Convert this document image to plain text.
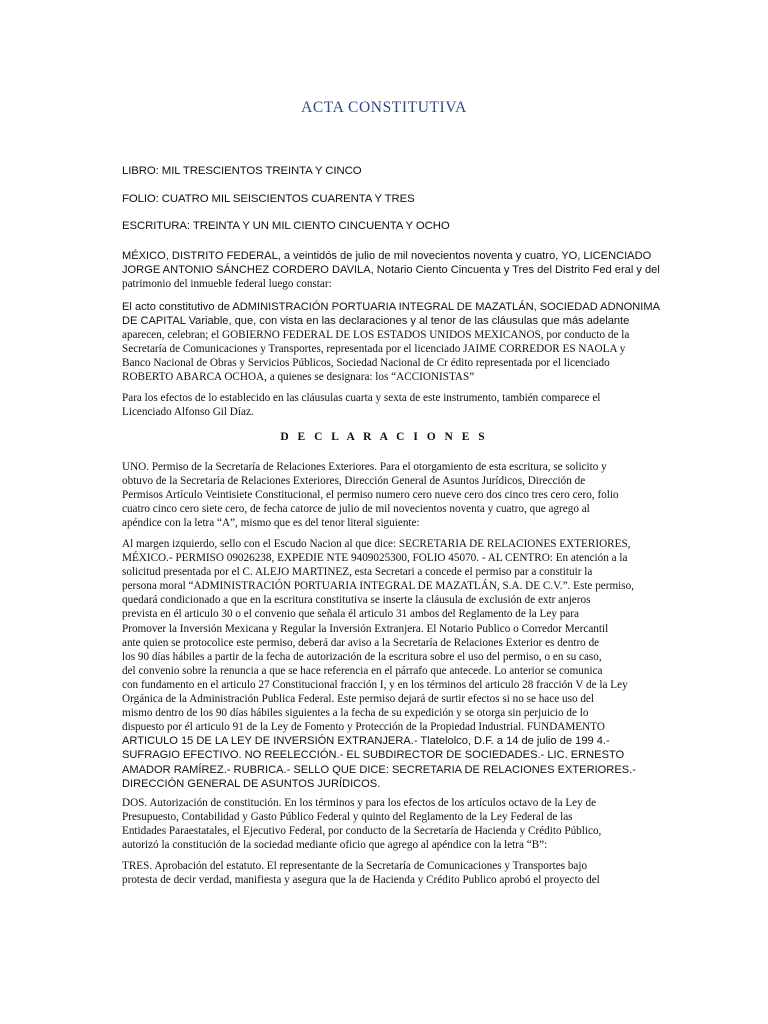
ACTA CONSTITUTIVA

LIBRO: MIL TRESCIENTOS TREINTA Y CINCO

FOLIO: CUATRO MIL SEISCIENTOS CUARENTA Y TRES

ESCRITURA: TREINTA Y UN MIL CIENTO CINCUENTA Y OCHO

MÉXICO, DISTRITO FEDERAL, a veintidós de julio de mil novecientos noventa y cuatro, YO, LICENCIADO
JORGE ANTONIO SÁNCHEZ CORDERO DAVILA, Notario Ciento Cincuenta y Tres del Distrito Fed eral y del
patrimonio del inmueble federal luego constar:

El acto constitutivo de ADMINISTRACIÓN PORTUARIA INTEGRAL DE MAZATLÁN, SOCIEDAD ADNONIMA
DE CAPITAL Variable, que, con vista en las declaraciones y al tenor de las cláusulas que más adelante
aparecen, celebran; el GOBIERNO FEDERAL DE LOS ESTADOS UNIDOS MEXICANOS, por conducto de la
Secretaría de Comunicaciones y Transportes, representada por el licenciado JAIME CORREDOR ES NAOLA y
Banco Nacional de Obras y Servicios Públicos, Sociedad Nacional de Cr édito representada por el licenciado
ROBERTO ABARCA OCHOA, a quienes se designara: los “ACCIONISTAS”

Para los efectos de lo establecido en las cláusulas cuarta y sexta de este instrumento, también comparece el
Licenciado Alfonso Gil Díaz.

D E C L A R A C I O N E S

UNO. Permiso de la Secretaría de Relaciones Exteriores. Para el otorgamiento de esta escritura, se solicito y
obtuvo de la Secretaría de Relaciones Exteriores, Dirección General de Asuntos Jurídicos, Dirección de
Permisos Artículo Veintisiete Constitucional, el permiso numero cero nueve cero dos cinco tres cero cero, folio
cuatro cinco cero siete cero, de fecha catorce de julio de mil novecientos noventa y cuatro, que agrego al
apéndice con la letra “A”, mismo que es del tenor literal siguiente:

Al margen izquierdo, sello con el Escudo Nacion al que dice: SECRETARIA DE RELACIONES EXTERIORES,
MÉXICO.- PERMISO 09026238, EXPEDIE NTE 9409025300, FOLIO 45070. - AL CENTRO: En atención a la
solicitud presentada por el C. ALEJO MARTINEZ, esta Secretari a concede el permiso par a constituir la
persona moral “ADMINISTRACIÓN PORTUARIA INTEGRAL DE MAZATLÁN, S.A. DE C.V.”. Este permiso,
quedará condicionado a que en la escritura constitutiva se inserte la cláusula de exclusión de extr anjeros
prevista en él articulo 30 o el convenio que señala él articulo 31 ambos del Reglamento de la Ley para
Promover la Inversión Mexicana y Regular la Inversión Extranjera. El Notario Publico o Corredor Mercantil
ante quien se protocolice este permiso, deberá dar aviso a la Secretaría de Relaciones Exterior es dentro de
los 90 días hábiles a partir de la fecha de autorización de la escritura sobre el uso del permiso, o en su caso,
del convenio sobre la renuncia a que se hace referencia en el párrafo que antecede. Lo anterior se comunica
con fundamento en el articulo 27 Constitucional fracción I, y en los términos del articulo 28 fracción V de la Ley
Orgánica de la Administración Publica Federal. Este permiso dejará de surtir efectos si no se hace uso del
mismo dentro de los 90 días hábiles siguientes a la fecha de su expedición y se otorga sin perjuicio de lo
dispuesto por él articulo 91 de la Ley de Fomento y Protección de la Propiedad Industrial. FUNDAMENTO
ARTICULO 15 DE LA LEY DE INVERSIÓN EXTRANJERA.- Tlatelolco, D.F. a 14 de julio de 199 4.-
SUFRAGIO EFECTIVO. NO REELECCIÓN.- EL SUBDIRECTOR DE SOCIEDADES.- LIC. ERNESTO
AMADOR RAMÍREZ.- RUBRICA.- SELLO QUE DICE: SECRETARIA DE RELACIONES EXTERIORES.-
DIRECCIÓN GENERAL DE ASUNTOS JURÍDICOS.

DOS. Autorización de constitución. En los términos y para los efectos de los artículos octavo de la Ley de
Presupuesto, Contabilidad y Gasto Público Federal y quinto del Reglamento de la Ley Federal de las
Entidades Paraestatales, el Ejecutivo Federal, por conducto de la Secretaría de Hacienda y Crédito Público,
autorizó la constitución de la sociedad mediante oficio que agrego al apéndice con la letra “B”:

TRES. Aprobación del estatuto. El representante de la Secretaría de Comunicaciones y Transportes bajo
protesta de decir verdad, manifiesta y asegura que la de Hacienda y Crédito Publico aprobó el proyecto del
